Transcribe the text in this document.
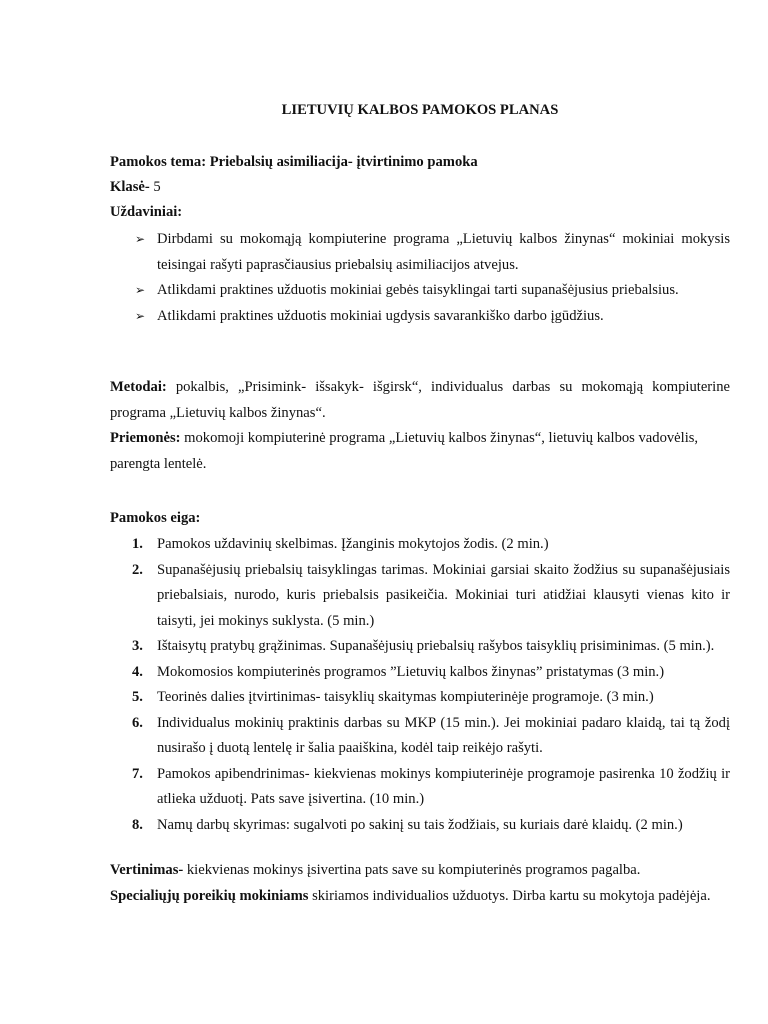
LIETUVIŲ KALBOS PAMOKOS PLANAS
Pamokos tema: Priebalsių asimiliacija- įtvirtinimo pamoka
Klasė- 5
Uždaviniai:
➢ Dirbdami su mokomąją kompiuterine programa „Lietuvių kalbos žinynas“ mokiniai mokysis teisingai rašyti paprasčiausius priebalsių asimiliacijos atvejus.
➢ Atlikdami praktines užduotis mokiniai gebės taisyklingai tarti supanašėjusius priebalsius.
➢ Atlikdami praktines užduotis mokiniai ugdysis savarankiško darbo įgūdžius.
Metodai: pokalbis, „Prisimink- išsakyk- išgirsk“, individualus darbas su mokomąją kompiuterine programa „Lietuvių kalbos žinynas“.
Priemonės: mokomoji kompiuterinė programa „Lietuvių kalbos žinynas“, lietuvių kalbos vadovėlis, parengta lentelė.
Pamokos eiga:
1. Pamokos uždavinių skelbimas. Įžanginis mokytojos žodis. (2 min.)
2. Supanašėjusių priebalsių taisyklingas tarimas. Mokiniai garsiai skaito žodžius su supanašėjusiais priebalsiais, nurodo, kuris priebalsis pasikeičia. Mokiniai turi atidžiai klausyti vienas kito ir taisyti, jei mokinys suklysta. (5 min.)
3. Ištaisytų pratybų grąžinimas. Supanašėjusių priebalsių rašybos taisyklių prisiminimas. (5 min.).
4. Mokomosios kompiuterinės programos ”Lietuvių kalbos žinynas” pristatymas (3 min.)
5. Teorinės dalies įtvirtinimas- taisyklių skaitymas kompiuterinėje programoje. (3 min.)
6. Individualus mokinių praktinis darbas su MKP (15 min.). Jei mokiniai padaro klaidą, tai tą žodį nusirašo į duotą lentelę ir šalia paaiškina, kodėl taip reikėjo rašyti.
7. Pamokos apibendrinimas- kiekvienas mokinys kompiuterinėje programoje pasirenka 10 žodžių ir atlieka užduotį. Pats save įsivertina. (10 min.)
8. Namų darbų skyrimas: sugalvoti po sakinį su tais žodžiais, su kuriais darė klaidų. (2 min.)
Vertinimas- kiekvienas mokinys įsivertina pats save su kompiuterinės programos pagalba.
Specialiųjų poreikių mokiniams skiriamos individualios užduotys. Dirba kartu su mokytoja padėjėja.
